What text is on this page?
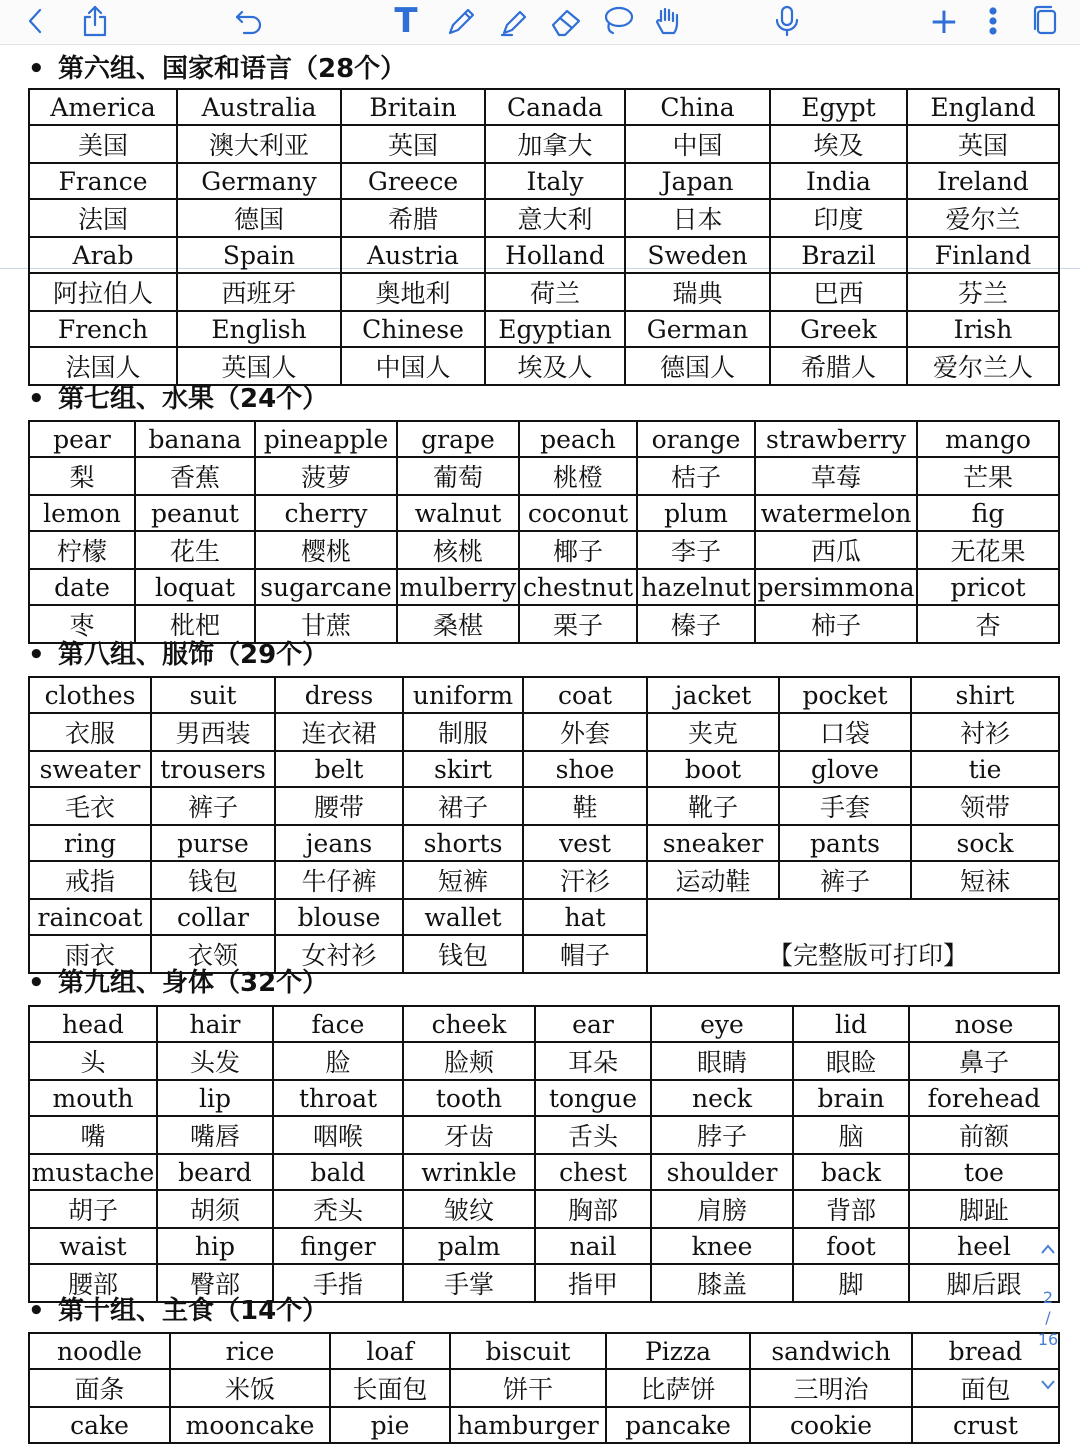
T	+
• 第六组、国家和语言（28个）
America	Australia	Britain	Canada	China	Egypt	England
美国	澳大利亚	英国	加拿大	中国	埃及	英国
France	Germany	Greece	Italy	Japan	India	Ireland
法国	德国	希腊	意大利	日本	印度	爱尔兰
Arab	Spain	Austria	Holland	Sweden	Brazil	Finland
阿拉伯人	西班牙	奥地利	荷兰	瑞典	巴西	芬兰
French	English	Chinese	Egyptian	German	Greek	Irish
法国人	英国人	中国人	埃及人	德国人	希腊人	爱尔兰人
• 第七组、水果（24个）
pear	banana	pineapple	grape	peach	orange	strawberry	mango
梨	香蕉	菠萝	葡萄	桃橙	桔子	草莓	芒果
lemon	peanut	cherry	walnut	coconut	plum	watermelon	fig
柠檬	花生	樱桃	核桃	椰子	李子	西瓜	无花果
date	loquat	sugarcane	mulberry	chestnut	hazelnut	persimmona	pricot
枣	枇杷	甘蔗	桑椹	栗子	榛子	柿子	杏
• 第八组、服饰（29个）
clothes	suit	dress	uniform	coat	jacket	pocket	shirt
衣服	男西装	连衣裙	制服	外套	夹克	口袋	衬衫
sweater	trousers	belt	skirt	shoe	boot	glove	tie
毛衣	裤子	腰带	裙子	鞋	靴子	手套	领带
ring	purse	jeans	shorts	vest	sneaker	pants	sock
戒指	钱包	牛仔裤	短裤	汗衫	运动鞋	裤子	短袜
raincoat	collar	blouse	wallet	hat	【完整版可打印】		
雨衣	衣领	女衬衫	钱包	帽子			
• 第九组、身体（32个）
head	hair	face	cheek	ear	eye	lid	nose
头	头发	脸	脸颊	耳朵	眼睛	眼睑	鼻子
mouth	lip	throat	tooth	tongue	neck	brain	forehead
嘴	嘴唇	咽喉	牙齿	舌头	脖子	脑	前额
mustache	beard	bald	wrinkle	chest	shoulder	back	toe
胡子	胡须	秃头	皱纹	胸部	肩膀	背部	脚趾
waist	hip	finger	palm	nail	knee	foot	heel
腰部	臀部	手指	手掌	指甲	膝盖	脚	脚后跟
• 第十组、主食（14个）
noodle	rice	loaf	biscuit	Pizza	sandwich	bread
面条	米饭	长面包	饼干	比萨饼	三明治	面包
cake	mooncake	pie	hamburger	pancake	cookie	crust
2
/
16
